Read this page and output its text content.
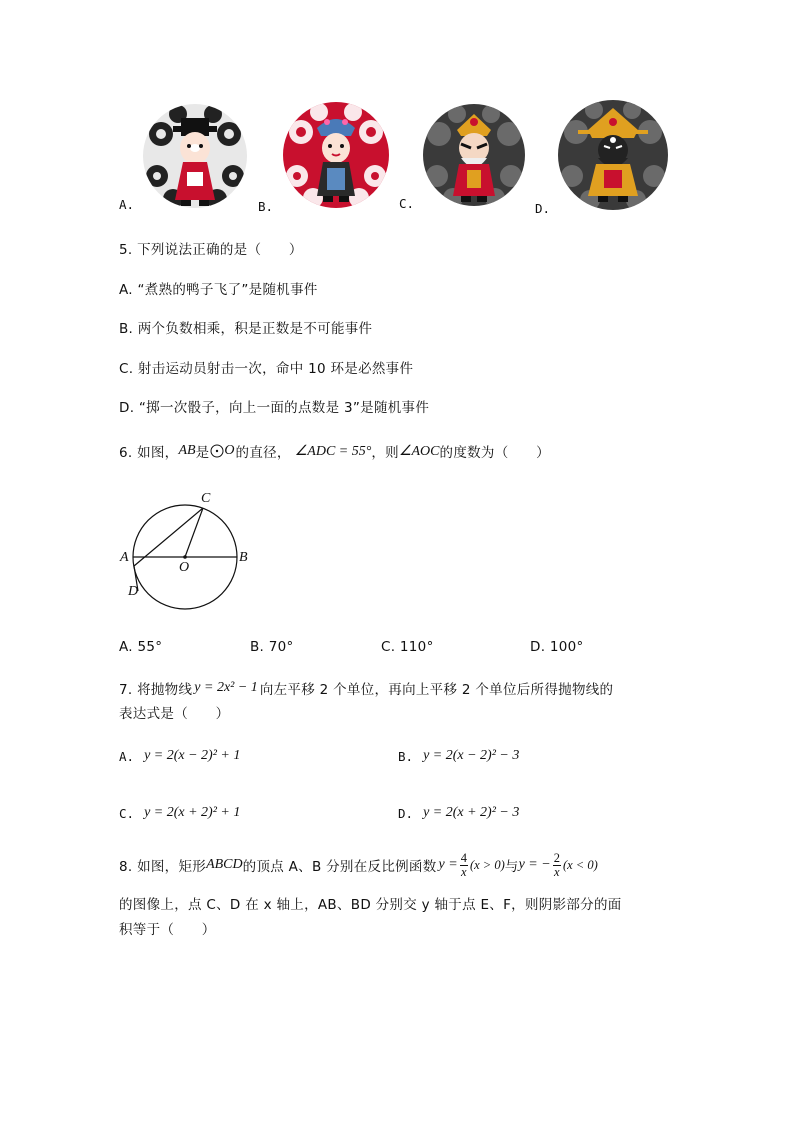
A.	B.	C.	D.
5. 下列说法正确的是（　　）
A. “煮熟的鸭子飞了”是随机事件
B. 两个负数相乘，积是正数是不可能事件
C. 射击运动员射击一次，命中 10 环是必然事件
D. “掷一次骰子，向上一面的点数是 3”是随机事件
6. 如图， AB 是 O 的直径， ∠ADC = 55° ，则 ∠AOC 的度数为（　　）
C
A	B
O
D
A. 55°	B. 70°	C. 110°	D. 100°
7. 将抛物线 y = 2x² − 1 向左平移 2 个单位，再向上平移 2 个单位后所得抛物线的
表达式是（　　）
A. y = 2(x − 2)² + 1	B. y = 2(x − 2)² − 3
C. y = 2(x + 2)² + 1	D. y = 2(x + 2)² − 3
8. 如图，矩形 ABCD 的顶点 A、B 分别在反比例函数 $y = \frac{4}{x} (x > 0)$ 与 y = − $\frac{2}{x} (x < 0)$
的图像上，点 C、D 在 x 轴上，AB、BD 分别交 y 轴于点 E、F，则阴影部分的面
积等于（　　）
